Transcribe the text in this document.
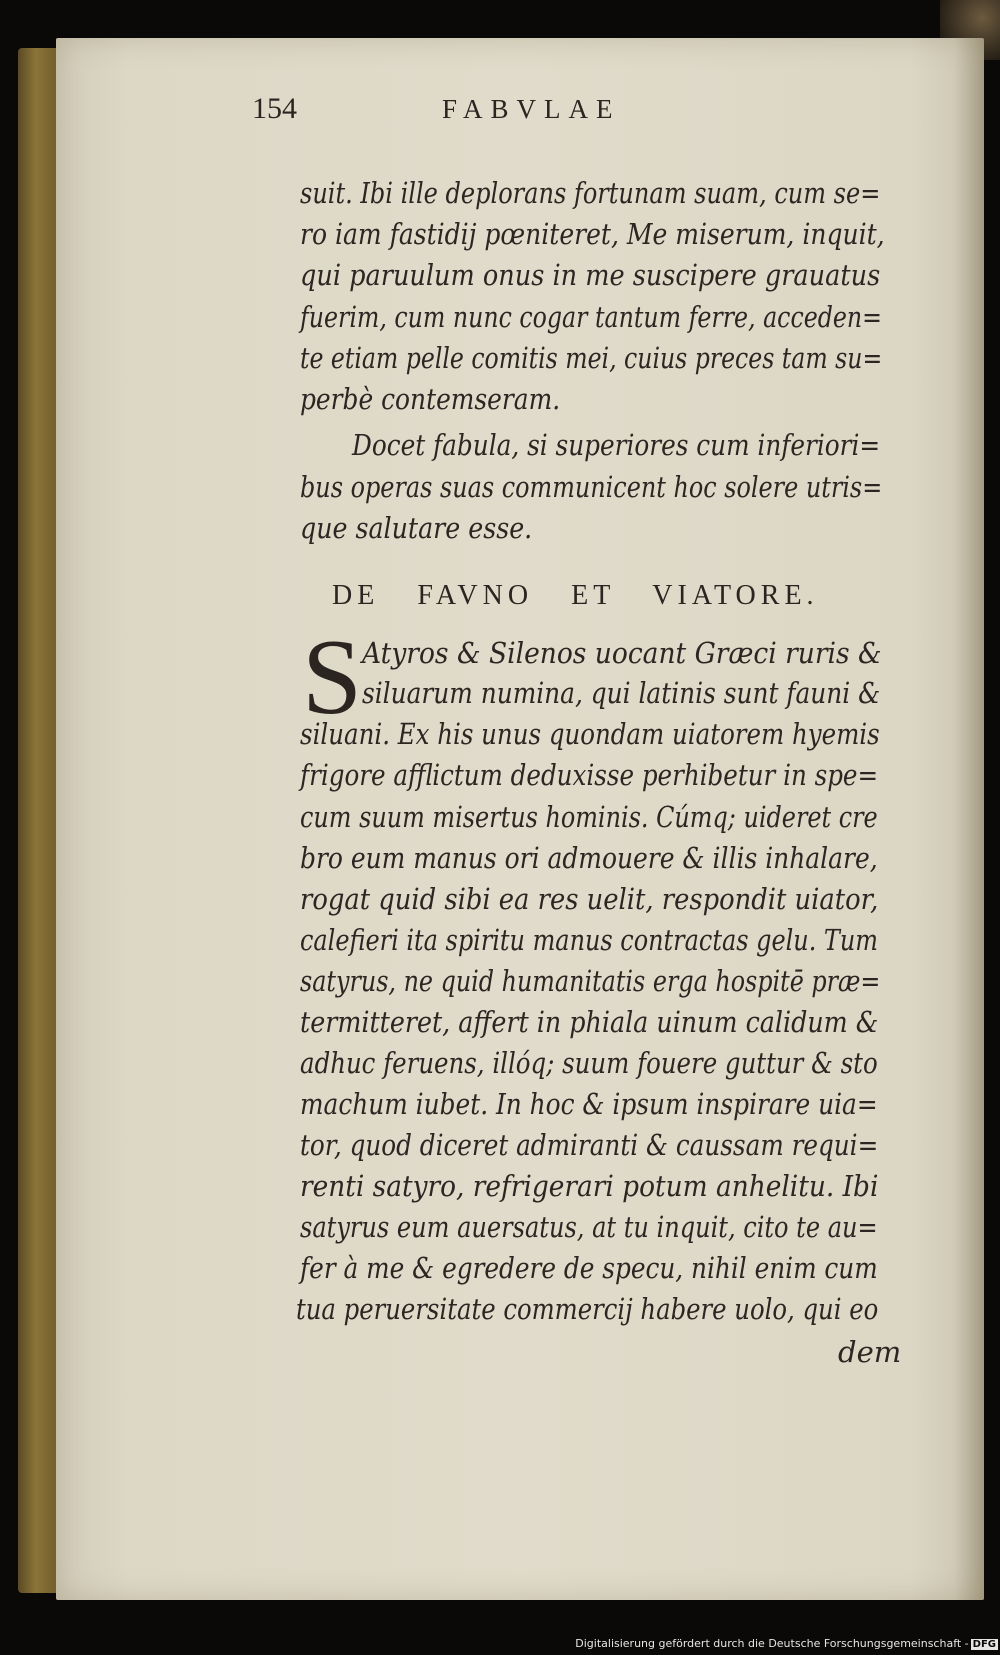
154	FABVLAE
suit. Ibi ille deplorans fortunam suam, cum se=
ro iam fastidij pœniteret, Me miserum, inquit,
qui paruulum onus in me suscipere grauatus
fuerim, cum nunc cogar tantum ferre, acceden=
te etiam pelle comitis mei, cuius preces tam su=
perbè contemseram.
Docet fabula, si superiores cum inferiori=
bus operas suas communicent hoc solere utris=
que salutare esse.
DE FAVNO ET VIATORE.
S Atyros & Silenos uocant Græci ruris &
siluarum numina, qui latinis sunt fauni &
siluani. Ex his unus quondam uiatorem hyemis
frigore afflictum deduxisse perhibetur in spe=
cum suum misertus hominis. Cúmq; uideret cre
bro eum manus ori admouere & illis inhalare,
rogat quid sibi ea res uelit, respondit uiator,
calefieri ita spiritu manus contractas gelu. Tum
satyrus, ne quid humanitatis erga hospitē præ=
termitteret, affert in phiala uinum calidum &
adhuc feruens, illóq; suum fouere guttur & sto
machum iubet. In hoc & ipsum inspirare uia=
tor, quod diceret admiranti & caussam requi=
renti satyro, refrigerari potum anhelitu. Ibi
satyrus eum auersatus, at tu inquit, cito te au=
fer à me & egredere de specu, nihil enim cum
tua peruersitate commercij habere uolo, qui eo
dem
Digitalisierung gefördert durch die Deutsche Forschungsgemeinschaft - DFG
